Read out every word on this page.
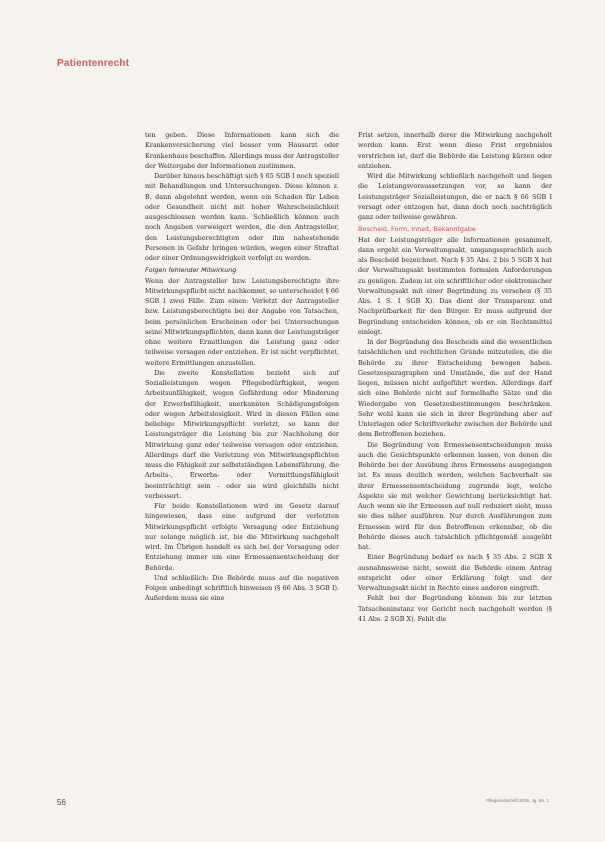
Patientenrecht

ten geben. Diese Informationen kann sich die Krankenversicherung viel besser vom Hausarzt oder Krankenhaus beschaffen. Allerdings muss der Antragsteller der Weitergabe der Informationen zustimmen.

Darüber hinaus beschäftigt sich § 65 SGB I noch speziell mit Behandlungen und Untersuchungen. Diese können z. B. dann abgelehnt werden, wenn ein Schaden für Leben oder Gesundheit nicht mit hoher Wahrscheinlichkeit ausgeschlossen werden kann. Schließlich können auch noch Angaben verweigert werden, die den Antragsteller, den Leistungsberechtigten oder ihm nahestehende Personen in Gefahr bringen würden, wegen einer Straftat oder einer Ordnungswidrigkeit verfolgt zu werden.

Folgen fehlender Mitwirkung

Wenn der Antragsteller bzw. Leistungsberechtigte ihre Mitwirkungspflicht nicht nachkommt, so unterscheidet § 66 SGB I zwei Fälle. Zum einen: Verletzt der Antragsteller bzw. Leistungsberechtigte bei der Angabe von Tatsachen, beim persönlichen Erscheinen oder bei Untersuchungen seine Mitwirkungspflichten, dann kann der Leistungsträger ohne weitere Ermittlungen die Leistung ganz oder teilweise versagen oder entziehen. Er ist nicht verpflichtet, weitere Ermittlungen anzustellen.

Die zweite Konstellation bezieht sich auf Sozialleistungen wegen Pflegebedürftigkeit, wegen Arbeitsunfähigkeit, wegen Gefährdung oder Minderung der Erwerbsfähigkeit, anerkannten Schädigungsfolgen oder wegen Arbeitslosigkeit. Wird in diesen Fällen eine beliebige Mitwirkungspflicht verletzt, so kann der Leistungsträger die Leistung bis zur Nachholung der Mitwirkung ganz oder teilweise versagen oder entziehen. Allerdings darf die Verletzung von Mitwirkungspflichten muss die Fähigkeit zur selbstständigen Lebensführung, die Arbeits-, Erwerbs- oder Vermittlungsfähigkeit beeinträchtigt sein – oder sie wird gleichfalls nicht verbessert.

Für beide Konstellationen wird im Gesetz darauf hingewiesen, dass eine aufgrund der verletzten Mitwirkungspflicht erfolgte Versagung oder Entziehung nur solange möglich ist, bis die Mitwirkung nachgeholt wird. Im Übrigen handelt es sich bei der Versagung oder Entziehung immer um eine Ermessensentscheidung der Behörde.

Und schließlich: Die Behörde muss auf die negativen Folgen unbedingt schriftlich hinweisen (§ 66 Abs. 3 SGB I). Außerdem muss sie eine

Frist setzen, innerhalb derer die Mitwirkung nachgeholt werden kann. Erst wenn diese Frist ergebnislos verstrichen ist, darf die Behörde die Leistung kürzen oder entziehen.

Wird die Mitwirkung schließlich nachgeholt und liegen die Leistungsvoraussetzungen vor, so kann der Leistungsträger Sozialleistungen, die er nach § 66 SGB I versagt oder entzogen hat, dann doch noch nachträglich ganz oder teilweise gewähren.

Bescheid, Form, Inhalt, Bekanntgabe

Hat der Leistungsträger alle Informationen gesammelt, dann ergeht ein Verwaltungsakt, umgangssprachlich auch als Bescheid bezeichnet. Nach § 35 Abs. 2 bis 5 SGB X hat der Verwaltungsakt bestimmten formalen Anforderungen zu genügen. Zudem ist ein schriftlicher oder elektronischer Verwaltungsakt mit einer Begründung zu versehen (§ 35 Abs. 1 S. 1 SGB X). Das dient der Transparenz und Nachprüfbarkeit für den Bürger. Er muss aufgrund der Begründung entscheiden können, ob er ein Rechtsmittel einlegt.

In der Begründung des Bescheids sind die wesentlichen tatsächlichen und rechtlichen Gründe mitzuteilen, die die Behörde zu ihrer Entscheidung bewogen haben. Gesetzesparagraphen und Umstände, die auf der Hand liegen, müssen nicht aufgeführt werden. Allerdings darf sich eine Behörde nicht auf formelhafte Sätze und die Wiedergabe von Gesetzesbestimmungen beschränken. Sehr wohl kann sie sich in ihrer Begründung aber auf Unterlagen oder Schriftverkehr zwischen der Behörde und dem Betroffenen beziehen.

Die Begründung von Ermessensentscheidungen muss auch die Gesichtspunkte erkennen lassen, von denen die Behörde bei der Ausübung ihres Ermessens ausgegangen ist. Es muss deutlich werden, welchen Sachverhalt sie ihrer Ermessensentscheidung zugrunde legt, welche Aspekte sie mit welcher Gewichtung berücksichtigt hat. Auch wenn sie ihr Ermessen auf null reduziert sieht, muss sie dies näher ausführen. Nur durch Ausführungen zum Ermessen wird für den Betroffenen erkennbar, ob die Behörde dieses auch tatsächlich pflichtgemäß ausgeübt hat.

Einer Begründung bedarf es nach § 35 Abs. 2 SGB X ausnahmsweise nicht, soweit die Behörde einem Antrag entspricht oder einer Erklärung folgt und der Verwaltungsakt nicht in Rechte eines anderen eingreift.

Fehlt bei der Begründung können bis zur letzten Tatsacheninstanz vor Gericht noch nachgeholt werden (§ 41 Abs. 2 SGB X). Fehlt die

56	Pflegezeitschrift 2016, Jg. 69, 1
